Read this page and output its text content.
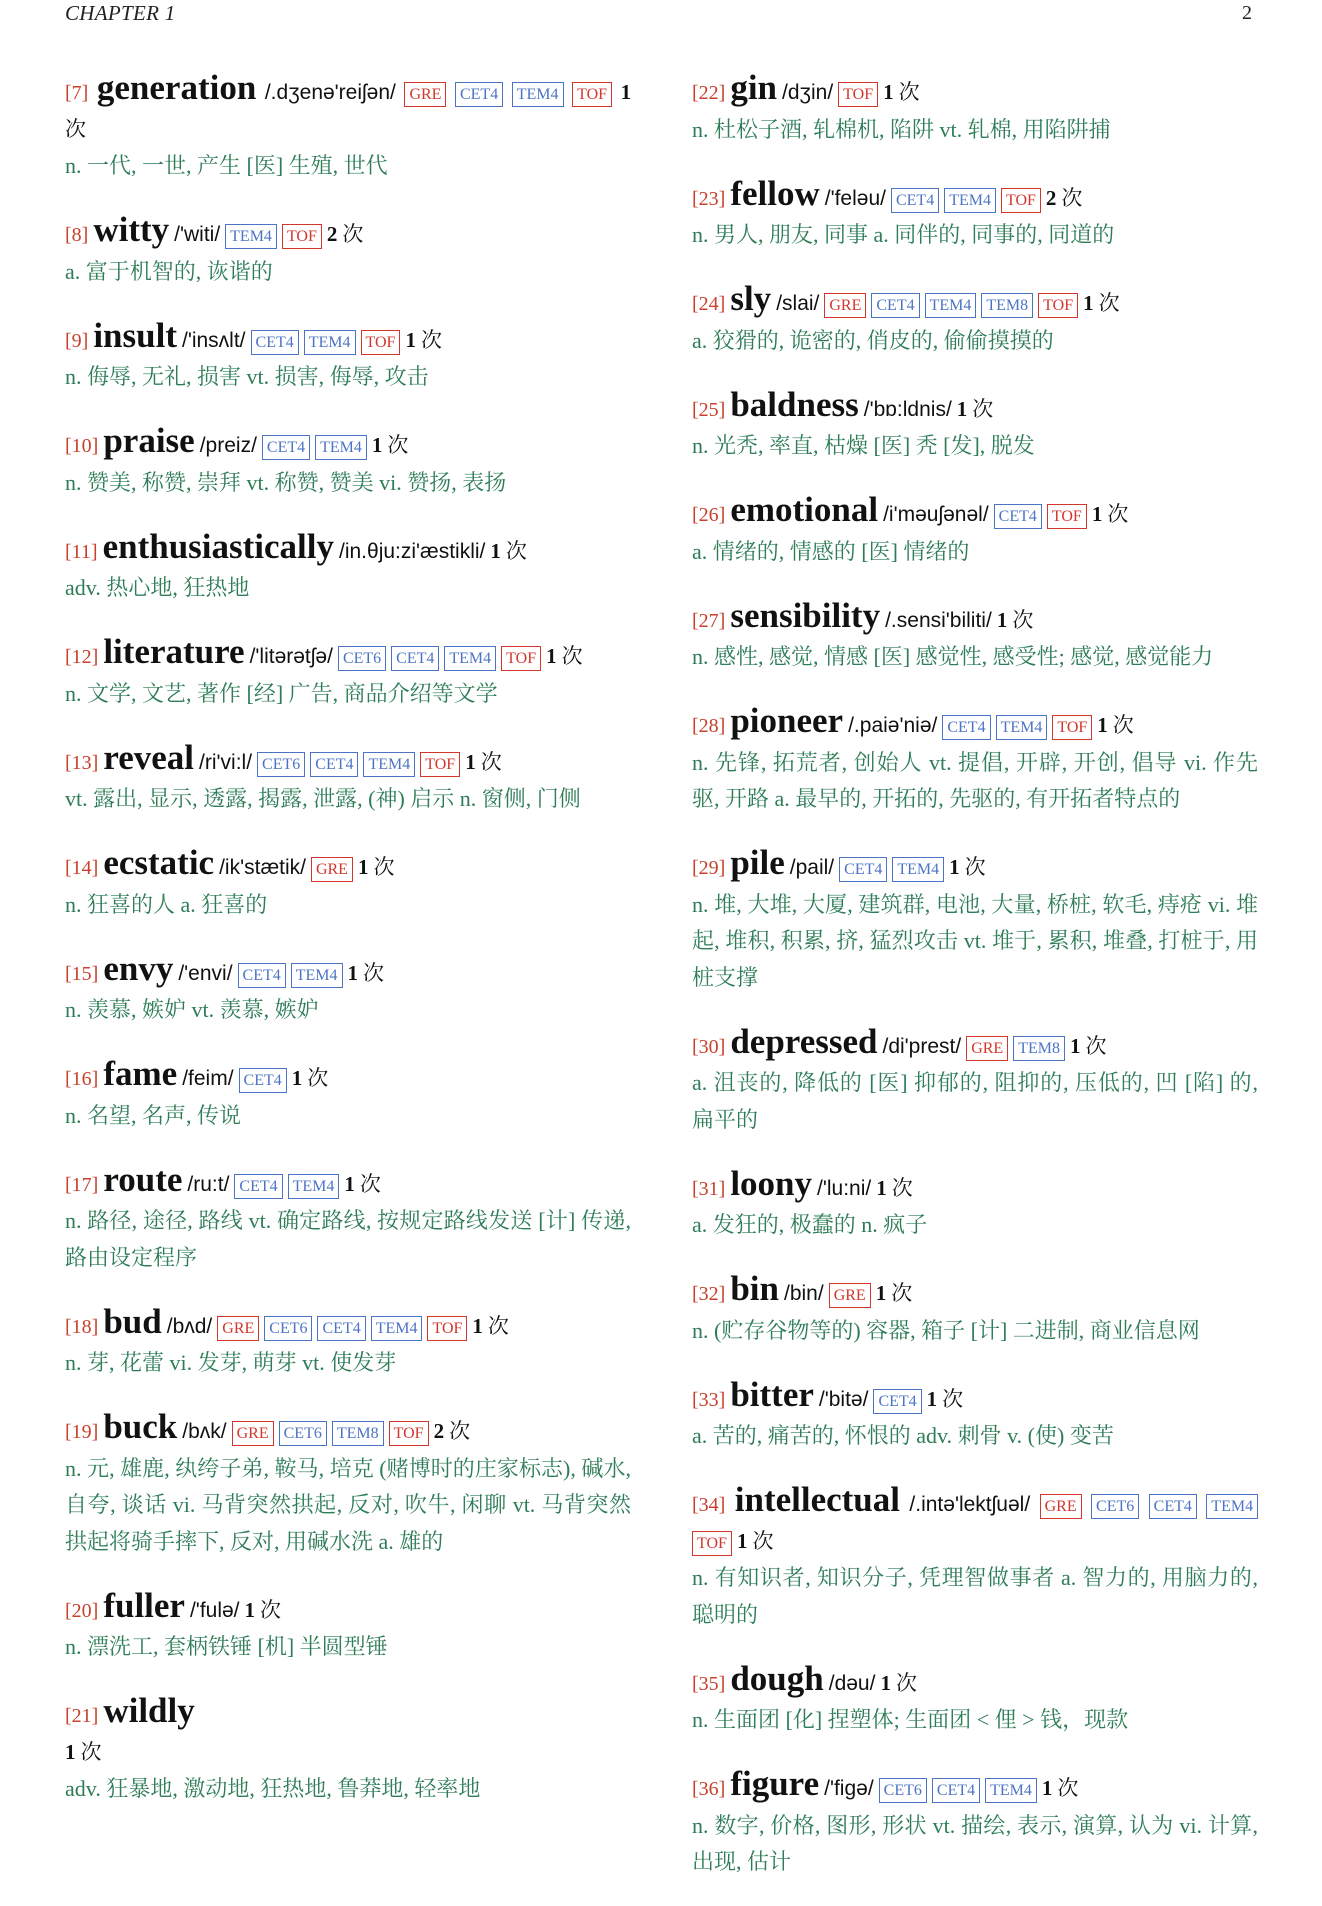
CHAPTER 1	2
[7] generation /.dʒenə'reiʃən/ GRE CET4 TEM4 TOF 1 次
n. 一代, 一世, 产生 [医] 生殖, 世代
[8] witty /'witi/ TEM4 TOF 2 次
a. 富于机智的, 诙谐的
[9] insult /'insʌlt/ CET4 TEM4 TOF 1 次
n. 侮辱, 无礼, 损害 vt. 损害, 侮辱, 攻击
[10] praise /preiz/ CET4 TEM4 1 次
n. 赞美, 称赞, 崇拜 vt. 称赞, 赞美 vi. 赞扬, 表扬
[11] enthusiastically /in.θju:zi'æstikli/ 1 次
adv. 热心地, 狂热地
[12] literature /'litərətʃə/ CET6 CET4 TEM4 TOF 1 次
n. 文学, 文艺, 著作 [经] 广告, 商品介绍等文学
[13] reveal /ri'vi:l/ CET6 CET4 TEM4 TOF 1 次
vt. 露出, 显示, 透露, 揭露, 泄露, (神) 启示 n. 窗侧, 门侧
[14] ecstatic /ik'stætik/ GRE 1 次
n. 狂喜的人 a. 狂喜的
[15] envy /'envi/ CET4 TEM4 1 次
n. 羡慕, 嫉妒 vt. 羡慕, 嫉妒
[16] fame /feim/ CET4 1 次
n. 名望, 名声, 传说
[17] route /ru:t/ CET4 TEM4 1 次
n. 路径, 途径, 路线 vt. 确定路线, 按规定路线发送 [计] 传递, 路由设定程序
[18] bud /bʌd/ GRE CET6 CET4 TEM4 TOF 1 次
n. 芽, 花蕾 vi. 发芽, 萌芽 vt. 使发芽
[19] buck /bʌk/ GRE CET6 TEM8 TOF 2 次
n. 元, 雄鹿, 纨绔子弟, 鞍马, 培克 (赌博时的庄家标志), 碱水, 自夸, 谈话 vi. 马背突然拱起, 反对, 吹牛, 闲聊 vt. 马背突然拱起将骑手摔下, 反对, 用碱水洗 a. 雄的
[20] fuller /'fulə/ 1 次
n. 漂洗工, 套柄铁锤 [机] 半圆型锤
[21] wildly
1 次
adv. 狂暴地, 激动地, 狂热地, 鲁莽地, 轻率地
[22] gin /dʒin/ TOF 1 次
n. 杜松子酒, 轧棉机, 陷阱 vt. 轧棉, 用陷阱捕
[23] fellow /'feləu/ CET4 TEM4 TOF 2 次
n. 男人, 朋友, 同事 a. 同伴的, 同事的, 同道的
[24] sly /slai/ GRE CET4 TEM4 TEM8 TOF 1 次
a. 狡猾的, 诡密的, 俏皮的, 偷偷摸摸的
[25] baldness /'bɒ:ldnis/ 1 次
n. 光秃, 率直, 枯燥 [医] 秃 [发], 脱发
[26] emotional /i'məuʃənəl/ CET4 TOF 1 次
a. 情绪的, 情感的 [医] 情绪的
[27] sensibility /.sensi'biliti/ 1 次
n. 感性, 感觉, 情感 [医] 感觉性, 感受性; 感觉, 感觉能力
[28] pioneer /.paiə'niə/ CET4 TEM4 TOF 1 次
n. 先锋, 拓荒者, 创始人 vt. 提倡, 开辟, 开创, 倡导 vi. 作先驱, 开路 a. 最早的, 开拓的, 先驱的, 有开拓者特点的
[29] pile /pail/ CET4 TEM4 1 次
n. 堆, 大堆, 大厦, 建筑群, 电池, 大量, 桥桩, 软毛, 痔疮 vi. 堆起, 堆积, 积累, 挤, 猛烈攻击 vt. 堆于, 累积, 堆叠, 打桩于, 用桩支撑
[30] depressed /di'prest/ GRE TEM8 1 次
a. 沮丧的, 降低的 [医] 抑郁的, 阻抑的, 压低的, 凹 [陷] 的, 扁平的
[31] loony /'lu:ni/ 1 次
a. 发狂的, 极蠢的 n. 疯子
[32] bin /bin/ GRE 1 次
n. (贮存谷物等的) 容器, 箱子 [计] 二进制, 商业信息网
[33] bitter /'bitə/ CET4 1 次
a. 苦的, 痛苦的, 怀恨的 adv. 刺骨 v. (使) 变苦
[34] intellectual /.intə'lektʃuəl/ GRE CET6 CET4 TEM4 TOF 1 次
n. 有知识者, 知识分子, 凭理智做事者 a. 智力的, 用脑力的, 聪明的
[35] dough /dəu/ 1 次
n. 生面团 [化] 捏塑体; 生面团 < 俚 > 钱，现款
[36] figure /'figə/ CET6 CET4 TEM4 1 次
n. 数字, 价格, 图形, 形状 vt. 描绘, 表示, 演算, 认为 vi. 计算, 出现, 估计
